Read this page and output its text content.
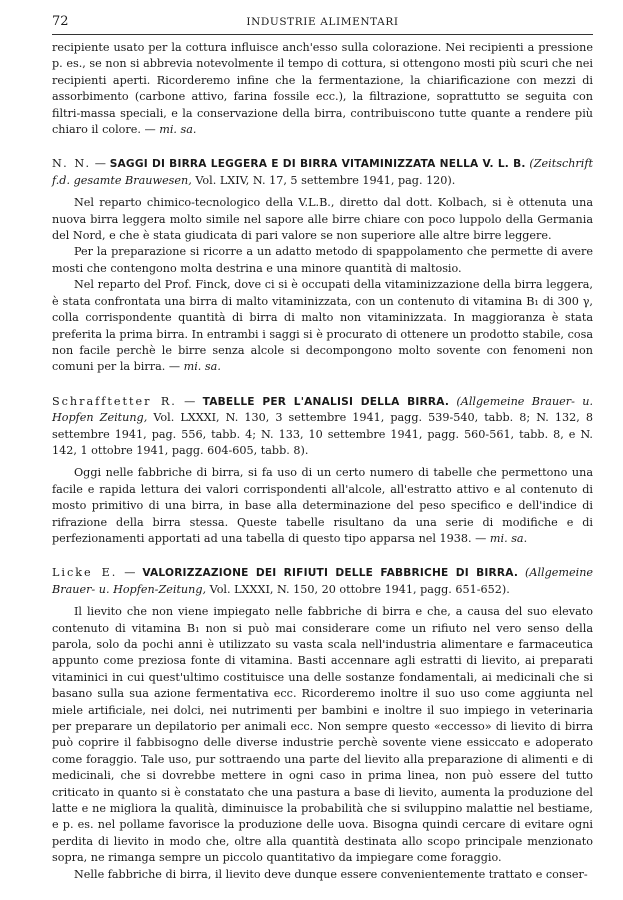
72	INDUSTRIE ALIMENTARI

recipiente usato per la cottura influisce anch'esso sulla colorazione. Nei recipienti a pressione p. es., se non si abbrevia notevolmente il tempo di cottura, si ottengono mosti più scuri che nei recipienti aperti. Ricorderemo infine che la fermentazione, la chiarificazione con mezzi di assorbimento (carbone attivo, farina fossile ecc.), la filtrazione, soprattutto se seguita con filtri-massa speciali, e la conservazione della birra, contribuiscono tutte quante a rendere più chiaro il colore. — mi. sa.

N. N. — SAGGI DI BIRRA LEGGERA E DI BIRRA VITAMINIZZATA NELLA V. L. B. (Zeitschrift f.d. gesamte Brauwesen, Vol. LXIV, N. 17, 5 settembre 1941, pag. 120).

Nel reparto chimico-tecnologico della V.L.B., diretto dal dott. Kolbach, si è ottenuta una nuova birra leggera molto simile nel sapore alle birre chiare con poco luppolo della Germania del Nord, e che è stata giudicata di pari valore se non superiore alle altre birre leggere.

Per la preparazione si ricorre a un adatto metodo di spappolamento che permette di avere mosti che contengono molta destrina e una minore quantità di maltosio.

Nel reparto del Prof. Finck, dove ci si è occupati della vitaminizzazione della birra leggera, è stata confrontata una birra di malto vitaminizzata, con un contenuto di vitamina B₁ di 300 γ, colla corrispondente quantità di birra di malto non vitaminizzata. In maggioranza è stata preferita la prima birra. In entrambi i saggi si è procurato di ottenere un prodotto stabile, cosa non facile perchè le birre senza alcole si decompongono molto sovente con fenomeni non comuni per la birra. — mi. sa.

Schrafftetter R. — TABELLE PER L'ANALISI DELLA BIRRA. (Allgemeine Brauer- u. Hopfen Zeitung, Vol. LXXXI, N. 130, 3 settembre 1941, pagg. 539-540, tabb. 8; N. 132, 8 settembre 1941, pag. 556, tabb. 4; N. 133, 10 settembre 1941, pagg. 560-561, tabb. 8, e N. 142, 1 ottobre 1941, pagg. 604-605, tabb. 8).

Oggi nelle fabbriche di birra, si fa uso di un certo numero di tabelle che permettono una facile e rapida lettura dei valori corrispondenti all'alcole, all'estratto attivo e al contenuto di mosto primitivo di una birra, in base alla determinazione del peso specifico e dell'indice di rifrazione della birra stessa. Queste tabelle risultano da una serie di modifiche e di perfezionamenti apportati ad una tabella di questo tipo apparsa nel 1938. — mi. sa.

Licke E. — VALORIZZAZIONE DEI RIFIUTI DELLE FABBRICHE DI BIRRA. (Allgemeine Brauer- u. Hopfen-Zeitung, Vol. LXXXI, N. 150, 20 ottobre 1941, pagg. 651-652).

Il lievito che non viene impiegato nelle fabbriche di birra e che, a causa del suo elevato contenuto di vitamina B₁ non si può mai considerare come un rifiuto nel vero senso della parola, solo da pochi anni è utilizzato su vasta scala nell'industria alimentare e farmaceutica appunto come preziosa fonte di vitamina. Basti accennare agli estratti di lievito, ai preparati vitaminici in cui quest'ultimo costituisce una delle sostanze fondamentali, ai medicinali che si basano sulla sua azione fermentativa ecc. Ricorderemo inoltre il suo uso come aggiunta nel miele artificiale, nei dolci, nei nutrimenti per bambini e inoltre il suo impiego in veterinaria per preparare un depilatorio per animali ecc. Non sempre questo «eccesso» di lievito di birra può coprire il fabbisogno delle diverse industrie perchè sovente viene essiccato e adoperato come foraggio. Tale uso, pur sottraendo una parte del lievito alla preparazione di alimenti e di medicinali, che si dovrebbe mettere in ogni caso in prima linea, non può essere del tutto criticato in quanto si è constatato che una pastura a base di lievito, aumenta la produzione del latte e ne migliora la qualità, diminuisce la probabilità che si sviluppino malattie nel bestiame, e p. es. nel pollame favorisce la produzione delle uova. Bisogna quindi cercare di evitare ogni perdita di lievito in modo che, oltre alla quantità destinata allo scopo principale menzionato sopra, ne rimanga sempre un piccolo quantitativo da impiegare come foraggio.

Nelle fabbriche di birra, il lievito deve dunque essere convenientemente trattato e conser-
